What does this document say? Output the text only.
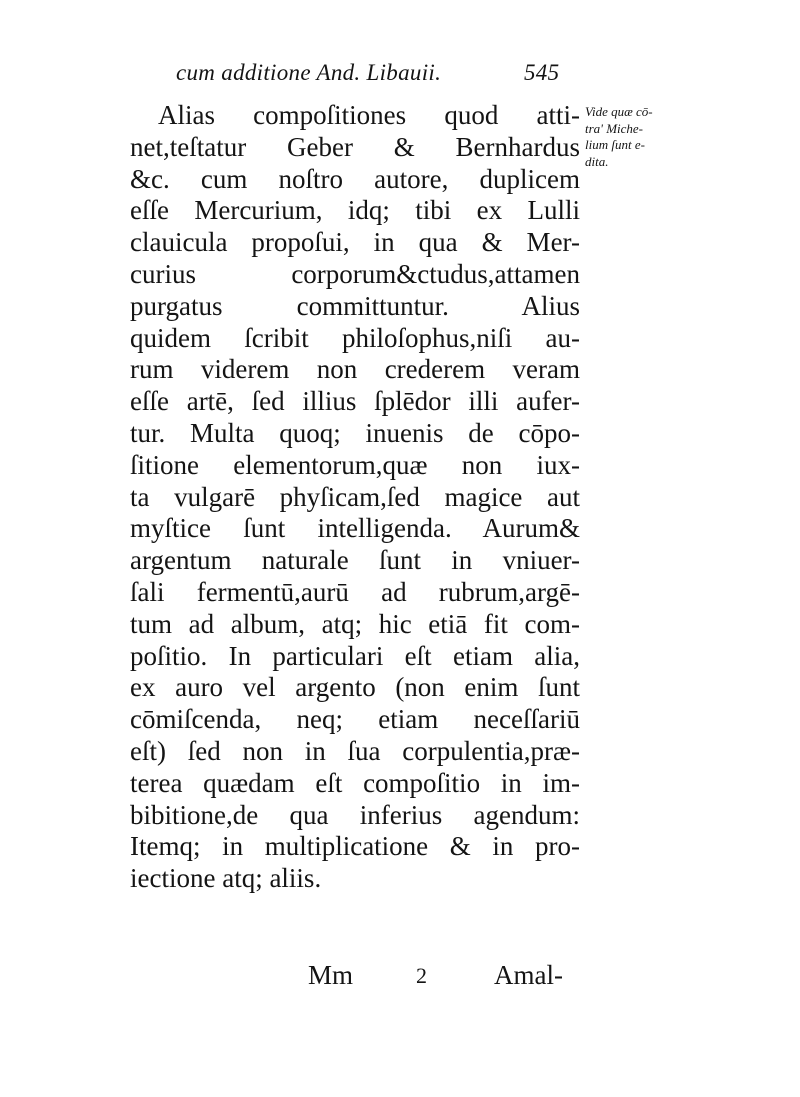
cum additione And. Libauii.	545
Alias compoſitiones quod atti-
net,teſtatur Geber & Bernhardus
&c. cum noſtro autore, duplicem
eſſe Mercurium, idq; tibi ex Lulli
clauicula propoſui, in qua & Mer-
curius corporum&ctudus,attamen
purgatus committuntur. Alius
quidem ſcribit philoſophus,niſi au-
rum viderem non crederem veram
eſſe artē, ſed illius ſplēdor illi aufer-
tur. Multa quoq; inuenis de cōpo-
ſitione elementorum,quæ non iux-
ta vulgarē phyſicam,ſed magice aut
myſtice ſunt intelligenda. Aurum&
argentum naturale ſunt in vniuer-
ſali fermentū,aurū ad rubrum,argē-
tum ad album, atq; hic etiā fit com-
poſitio. In particulari eſt etiam alia,
ex auro vel argento (non enim ſunt
cōmiſcenda, neq; etiam neceſſariū
eſt) ſed non in ſua corpulentia,præ-
terea quædam eſt compoſitio in im-
bibitione,de qua inferius agendum:
Itemq; in multiplicatione & in pro-
iectione atq; aliis.
Vide quæ cō-
tra' Miche-
lium ſunt e-
dita.
Mm	2 Amal-
